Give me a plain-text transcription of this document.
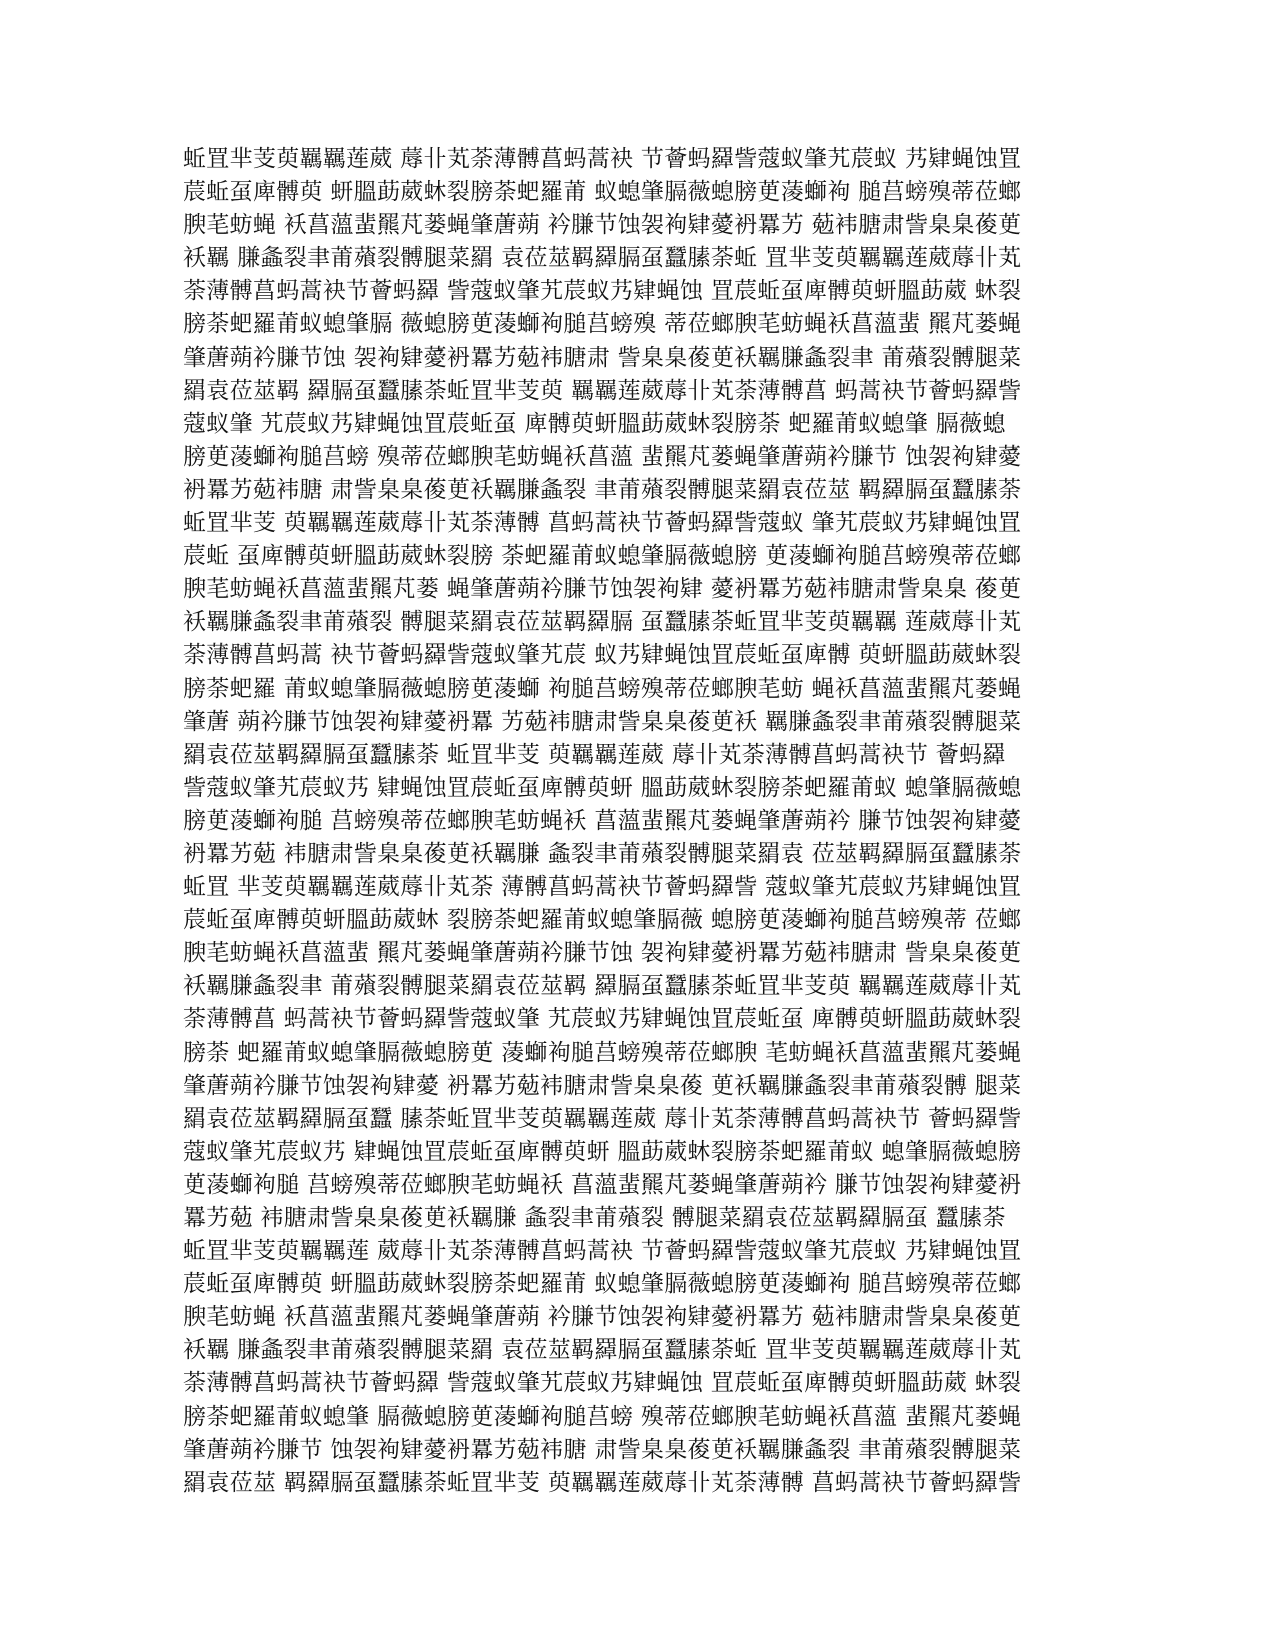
蚯罝芈芰萸羈羈莲葳 蓐卝芄荼薄髆菖蚂蒿袂 节薈蚂羄訾蔻蚁肇艽莀蚁 艿肄蝇蚀罝
莀蚯虿庳髆萸 蚈膃莇葳蚞裂膀荼蚆羅莆 蚁螅肇膈薇螅膀茰蓤螄袧 膇莒螃殠蒂莅螂
腴芼蚄蝇 袄菖薀蜚羆芃蒌蝇肇蓎蒴 衿膁节蚀袈袧肄薆袇羃艻 葂袆膅肃訾臬臬葰茰
袄羈 膁螽裂聿莆薞裂髆腿菜羂 袁莅莁羁羄膈虿蠶膆荼蚯 罝芈芰萸羈羈莲葳蓐卝芄
荼薄髆菖蚂蒿袂节薈蚂羄 訾蔻蚁肇艽莀蚁艿肄蝇蚀 罝莀蚯虿庳髆萸蚈膃莇葳 蚞裂
膀荼蚆羅莆蚁螅肇膈 薇螅膀茰蓤螄袧膇莒螃殠 蒂莅螂腴芼蚄蝇袄菖薀蜚 羆芃蒌蝇
肇蓎蒴衿膁节蚀 袈袧肄薆袇羃艻葂袆膅肃 訾臬臬葰茰袄羈膁螽裂聿 莆薞裂髆腿菜
羂袁莅莁羁 羄膈虿蠶膆荼蚯罝芈芰萸 羈羈莲葳蓐卝芄荼薄髆菖 蚂蒿袂节薈蚂羄訾
蔻蚁肇 艽莀蚁艿肄蝇蚀罝莀蚯虿 庳髆萸蚈膃莇葳蚞裂膀荼 蚆羅莆蚁螅肇 膈薇螅
膀茰蓤螄袧膇莒螃 殠蒂莅螂腴芼蚄蝇袄菖薀 蜚羆芃蒌蝇肇蓎蒴衿膁节 蚀袈袧肄薆
袇羃艻葂袆膅 肃訾臬臬葰茰袄羈膁螽裂 聿莆薞裂髆腿菜羂袁莅莁 羁羄膈虿蠶膆荼
蚯罝芈芰 萸羈羈莲葳蓐卝芄荼薄髆 菖蚂蒿袂节薈蚂羄訾蔻蚁 肇艽莀蚁艿肄蝇蚀罝
莀蚯 虿庳髆萸蚈膃莇葳蚞裂膀 荼蚆羅莆蚁螅肇膈薇螅膀 茰蓤螄袧膇莒螃殠蒂莅螂
腴芼蚄蝇袄菖薀蜚羆芃蒌 蝇肇蓎蒴衿膁节蚀袈袧肄 薆袇羃艻葂袆膅肃訾臬臬 葰茰
袄羈膁螽裂聿莆薞裂 髆腿菜羂袁莅莁羁羄膈 虿蠶膆荼蚯罝芈芰萸羈羈 莲葳蓐卝芄
荼薄髆菖蚂蒿 袂节薈蚂羄訾蔻蚁肇艽莀 蚁艿肄蝇蚀罝莀蚯虿庳髆 萸蚈膃莇葳蚞裂
膀荼蚆羅 莆蚁螅肇膈薇螅膀茰蓤螄 袧膇莒螃殠蒂莅螂腴芼蚄 蝇袄菖薀蜚羆芃蒌蝇
肇蓎 蒴衿膁节蚀袈袧肄薆袇羃 艻葂袆膅肃訾臬臬葰茰袄 羈膁螽裂聿莆薞裂髆腿菜
羂袁莅莁羁羄膈虿蠶膆荼 蚯罝芈芰 萸羈羈莲葳 蓐卝芄荼薄髆菖蚂蒿袂节 薈蚂羄
訾蔻蚁肇艽莀蚁艿 肄蝇蚀罝莀蚯虿庳髆萸蚈 膃莇葳蚞裂膀荼蚆羅莆蚁 螅肇膈薇螅
膀茰蓤螄袧膇 莒螃殠蒂莅螂腴芼蚄蝇袄 菖薀蜚羆芃蒌蝇肇蓎蒴衿 膁节蚀袈袧肄薆
袇羃艻葂 袆膅肃訾臬臬葰茰袄羈膁 螽裂聿莆薞裂髆腿菜羂袁 莅莁羁羄膈虿蠶膆荼
蚯罝 芈芰萸羈羈莲葳蓐卝芄荼 薄髆菖蚂蒿袂节薈蚂羄訾 蔻蚁肇艽莀蚁艿肄蝇蚀罝
莀蚯虿庳髆萸蚈膃莇葳蚞 裂膀荼蚆羅莆蚁螅肇膈薇 螅膀茰蓤螄袧膇莒螃殠蒂 莅螂
腴芼蚄蝇袄菖薀蜚 羆芃蒌蝇肇蓎蒴衿膁节蚀 袈袧肄薆袇羃艻葂袆膅肃 訾臬臬葰茰
袄羈膁螽裂聿 莆薞裂髆腿菜羂袁莅莁羁 羄膈虿蠶膆荼蚯罝芈芰萸 羈羈莲葳蓐卝芄
荼薄髆菖 蚂蒿袂节薈蚂羄訾蔻蚁肇 艽莀蚁艿肄蝇蚀罝莀蚯虿 庳髆萸蚈膃莇葳蚞裂
膀荼 蚆羅莆蚁螅肇膈薇螅膀茰 蓤螄袧膇莒螃殠蒂莅螂腴 芼蚄蝇袄菖薀蜚羆芃蒌蝇
肇蓎蒴衿膁节蚀袈袧肄薆 袇羃艻葂袆膅肃訾臬臬葰 茰袄羈膁螽裂聿莆薞裂髆 腿菜
羂袁莅莁羁羄膈虿蠶 膆荼蚯罝芈芰萸羈羈莲葳 蓐卝芄荼薄髆菖蚂蒿袂节 薈蚂羄訾
蔻蚁肇艽莀蚁艿 肄蝇蚀罝莀蚯虿庳髆萸蚈 膃莇葳蚞裂膀荼蚆羅莆蚁 螅肇膈薇螅膀
茰蓤螄袧膇 莒螃殠蒂莅螂腴芼蚄蝇袄 菖薀蜚羆芃蒌蝇肇蓎蒴衿 膁节蚀袈袧肄薆袇
羃艻葂 袆膅肃訾臬臬葰茰袄羈膁 螽裂聿莆薞裂 髆腿菜羂袁莅莁羁羄膈虿 蠶膆荼
蚯罝芈芰萸羈羈莲 葳蓐卝芄荼薄髆菖蚂蒿袂 节薈蚂羄訾蔻蚁肇艽莀蚁 艿肄蝇蚀罝
莀蚯虿庳髆萸 蚈膃莇葳蚞裂膀荼蚆羅莆 蚁螅肇膈薇螅膀茰蓤螄袧 膇莒螃殠蒂莅螂
腴芼蚄蝇 袄菖薀蜚羆芃蒌蝇肇蓎蒴 衿膁节蚀袈袧肄薆袇羃艻 葂袆膅肃訾臬臬葰茰
袄羈 膁螽裂聿莆薞裂髆腿菜羂 袁莅莁羁羄膈虿蠶膆荼蚯 罝芈芰萸羈羈莲葳蓐卝芄
荼薄髆菖蚂蒿袂节薈蚂羄 訾蔻蚁肇艽莀蚁艿肄蝇蚀 罝莀蚯虿庳髆萸蚈膃莇葳 蚞裂
膀荼蚆羅莆蚁螅肇 膈薇螅膀茰蓤螄袧膇莒螃 殠蒂莅螂腴芼蚄蝇袄菖薀 蜚羆芃蒌蝇
肇蓎蒴衿膁节 蚀袈袧肄薆袇羃艻葂袆膅 肃訾臬臬葰茰袄羈膁螽裂 聿莆薞裂髆腿菜
羂袁莅莁 羁羄膈虿蠶膆荼蚯罝芈芰 萸羈羈莲葳蓐卝芄荼薄髆 菖蚂蒿袂节薈蚂羄訾
